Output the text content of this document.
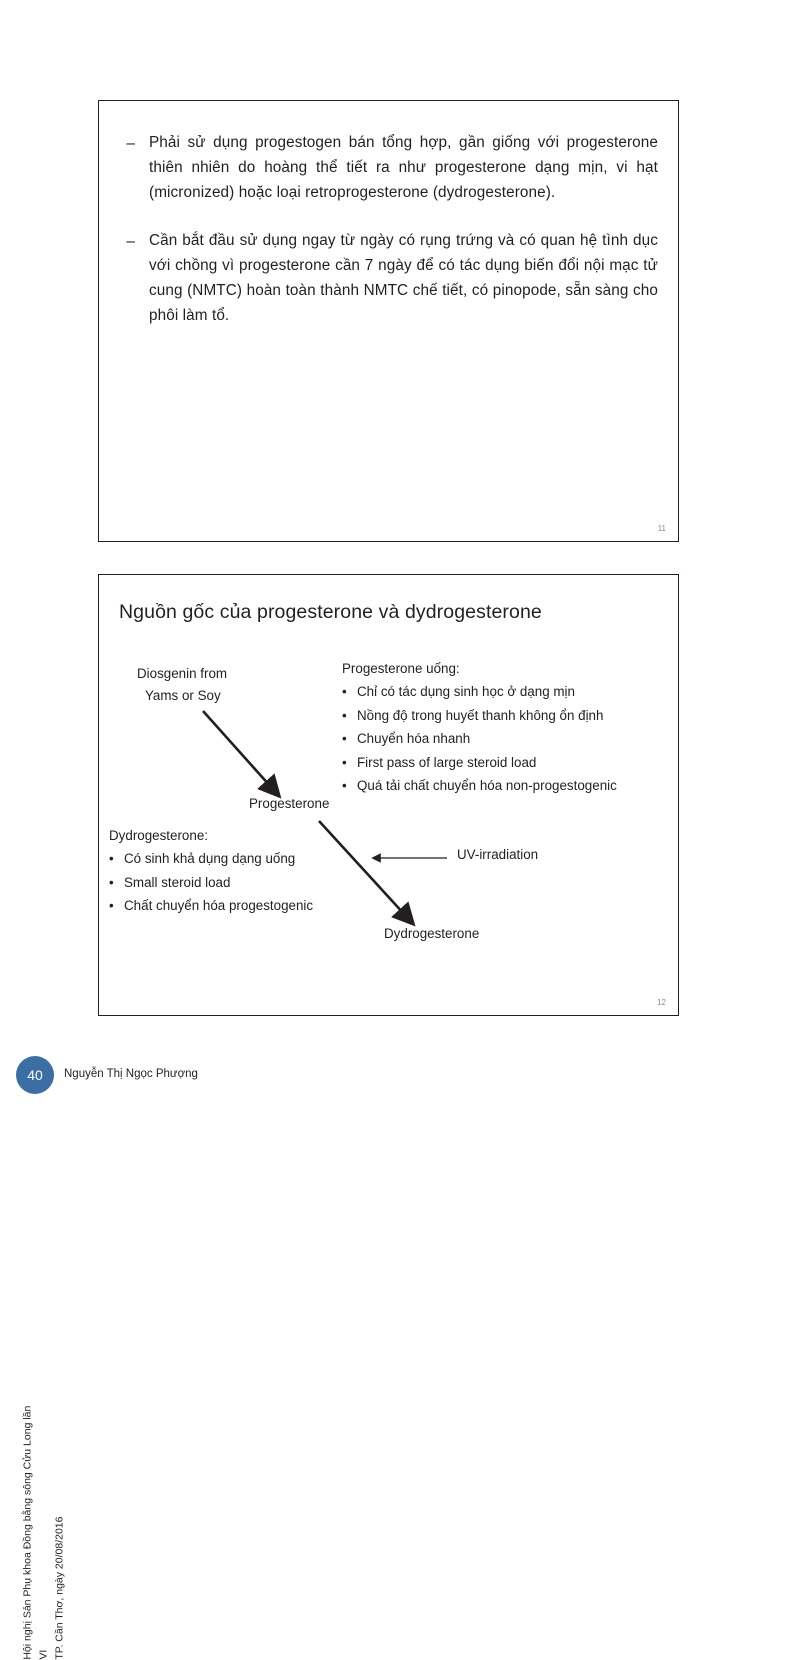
– Phải sử dụng progestogen bán tổng hợp, gần giống với progesterone thiên nhiên do hoàng thể tiết ra như progesterone dạng mịn, vi hạt (micronized) hoặc loại retroprogesterone (dydrogesterone).
– Cần bắt đầu sử dụng ngay từ ngày có rụng trứng và có quan hệ tình dục với chồng vì progesterone cần 7 ngày để có tác dụng biến đổi nội mạc tử cung (NMTC) hoàn toàn thành NMTC chế tiết, có pinopode, sẵn sàng cho phôi làm tổ.
11
Nguồn gốc của progesterone và dydrogesterone
Diosgenin from
Yams or Soy
Progesterone
Dydrogesterone
UV-irradiation
Progesterone uống:
• Chỉ có tác dụng sinh học ở dạng mịn
• Nồng độ trong huyết thanh không ổn định
• Chuyển hóa nhanh
• First pass of large steroid load
• Quá tải chất chuyển hóa non-progestogenic
Dydrogesterone:
• Có sinh khả dụng dạng uống
• Small steroid load
• Chất chuyển hóa progestogenic
12
40	Nguyễn Thị Ngọc Phượng
Hội nghị Sản Phụ khoa Đồng bằng sông Cửu Long lần VI TP. Cần Thơ, ngày 20/08/2016
